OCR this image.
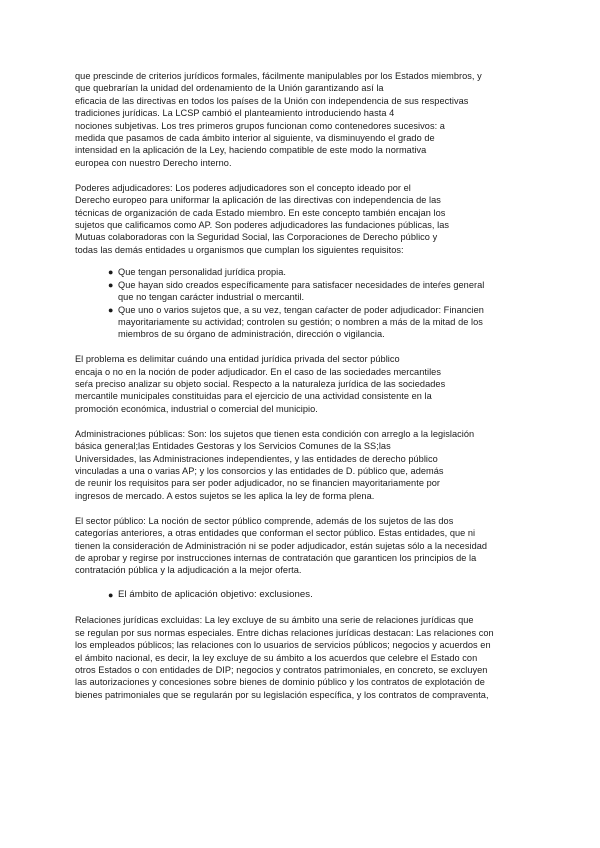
que prescinde de criterios jurídicos formales, fácilmente manipulables por los Estados miembros, y
que quebrarían la unidad del ordenamiento de la Unión garantizando así la
eficacia de las directivas en todos los países de la Unión con independencia de sus respectivas
tradiciones jurídicas. La LCSP cambió el planteamiento introduciendo hasta 4
nociones subjetivas. Los tres primeros grupos funcionan como contenedores sucesivos: a
medida que pasamos de cada ámbito interior al siguiente, va disminuyendo el grado de
intensidad en la aplicación de la Ley, haciendo compatible de este modo la normativa
europea con nuestro Derecho interno.
Poderes adjudicadores: Los poderes adjudicadores son el concepto ideado por el
Derecho europeo para uniformar la aplicación de las directivas con independencia de las
técnicas de organización de cada Estado miembro. En este concepto también encajan los
sujetos que calificamos como AP. Son poderes adjudicadores las fundaciones públicas, las
Mutuas colaboradoras con la Seguridad Social, las Corporaciones de Derecho público y
todas las demás entidades u organismos que cumplan los siguientes requisitos:
● Que tengan personalidad jurídica propia.
● Que hayan sido creados específicamente para satisfacer necesidades de inteŕes general
que no tengan carácter industrial o mercantil.
● Que uno o varios sujetos que, a su vez, tengan caŕacter de poder adjudicador: Financien
mayoritariamente su actividad; controlen su gestión; o nombren a más de la mitad de los
miembros de su órgano de administración, dirección o vigilancia.
El problema es delimitar cuándo una entidad jurídica privada del sector público
encaja o no en la noción de poder adjudicador. En el caso de las sociedades mercantiles
seŕa preciso analizar su objeto social. Respecto a la naturaleza jurídica de las sociedades
mercantile municipales constituidas para el ejercicio de una actividad consistente en la
promoción económica, industrial o comercial del municipio.
Administraciones públicas: Son: los sujetos que tienen esta condición con arreglo a la legislación
básica general;las Entidades Gestoras y los Servicios Comunes de la SS;las
Universidades, las Administraciones independientes, y las entidades de derecho público
vinculadas a una o varias AP; y los consorcios y las entidades de D. público que, además
de reunir los requisitos para ser poder adjudicador, no se financien mayoritariamente por
ingresos de mercado. A estos sujetos se les aplica la ley de forma plena.
El sector público: La noción de sector público comprende, además de los sujetos de las dos
categorías anteriores, a otras entidades que conforman el sector público. Estas entidades, que ni
tienen la consideración de Administración ni se poder adjudicador, están sujetas sólo a la necesidad
de aprobar y regirse por instrucciones internas de contratación que garanticen los principios de la
contratación pública y la adjudicación a la mejor oferta.
● El ámbito de aplicación objetivo: exclusiones.
Relaciones jurídicas excluidas: La ley excluye de su ámbito una serie de relaciones jurídicas que
se regulan por sus normas especiales. Entre dichas relaciones jurídicas destacan: Las relaciones con
los empleados públicos; las relaciones con lo usuarios de servicios públicos; negocios y acuerdos en
el ámbito nacional, es decir, la ley excluye de su ámbito a los acuerdos que celebre el Estado con
otros Estados o con entidades de DIP; negocios y contratos patrimoniales, en concreto, se excluyen
las autorizaciones y concesiones sobre bienes de dominio público y los contratos de explotación de
bienes patrimoniales que se regularán por su legislación específica, y los contratos de compraventa,
